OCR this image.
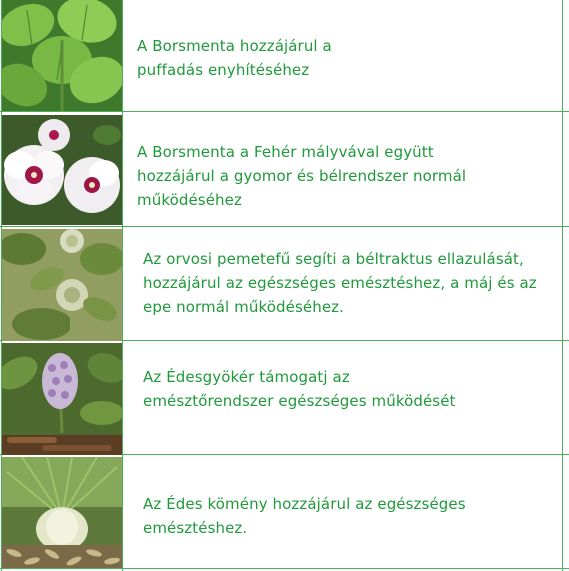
A Borsmenta hozzájárul a
puffadás enyhítéséhez
A Borsmenta a Fehér mályvával együtt
hozzájárul a gyomor és bélrendszer normál
működéséhez
Az orvosi pemetefű segíti a béltraktus ellazulását,
hozzájárul az egészséges emésztéshez, a máj és az
epe normál működéséhez.
Az Édesgyökér támogatj az
emésztőrendszer egészséges működését
Az Édes kömény hozzájárul az egészséges
emésztéshez.
